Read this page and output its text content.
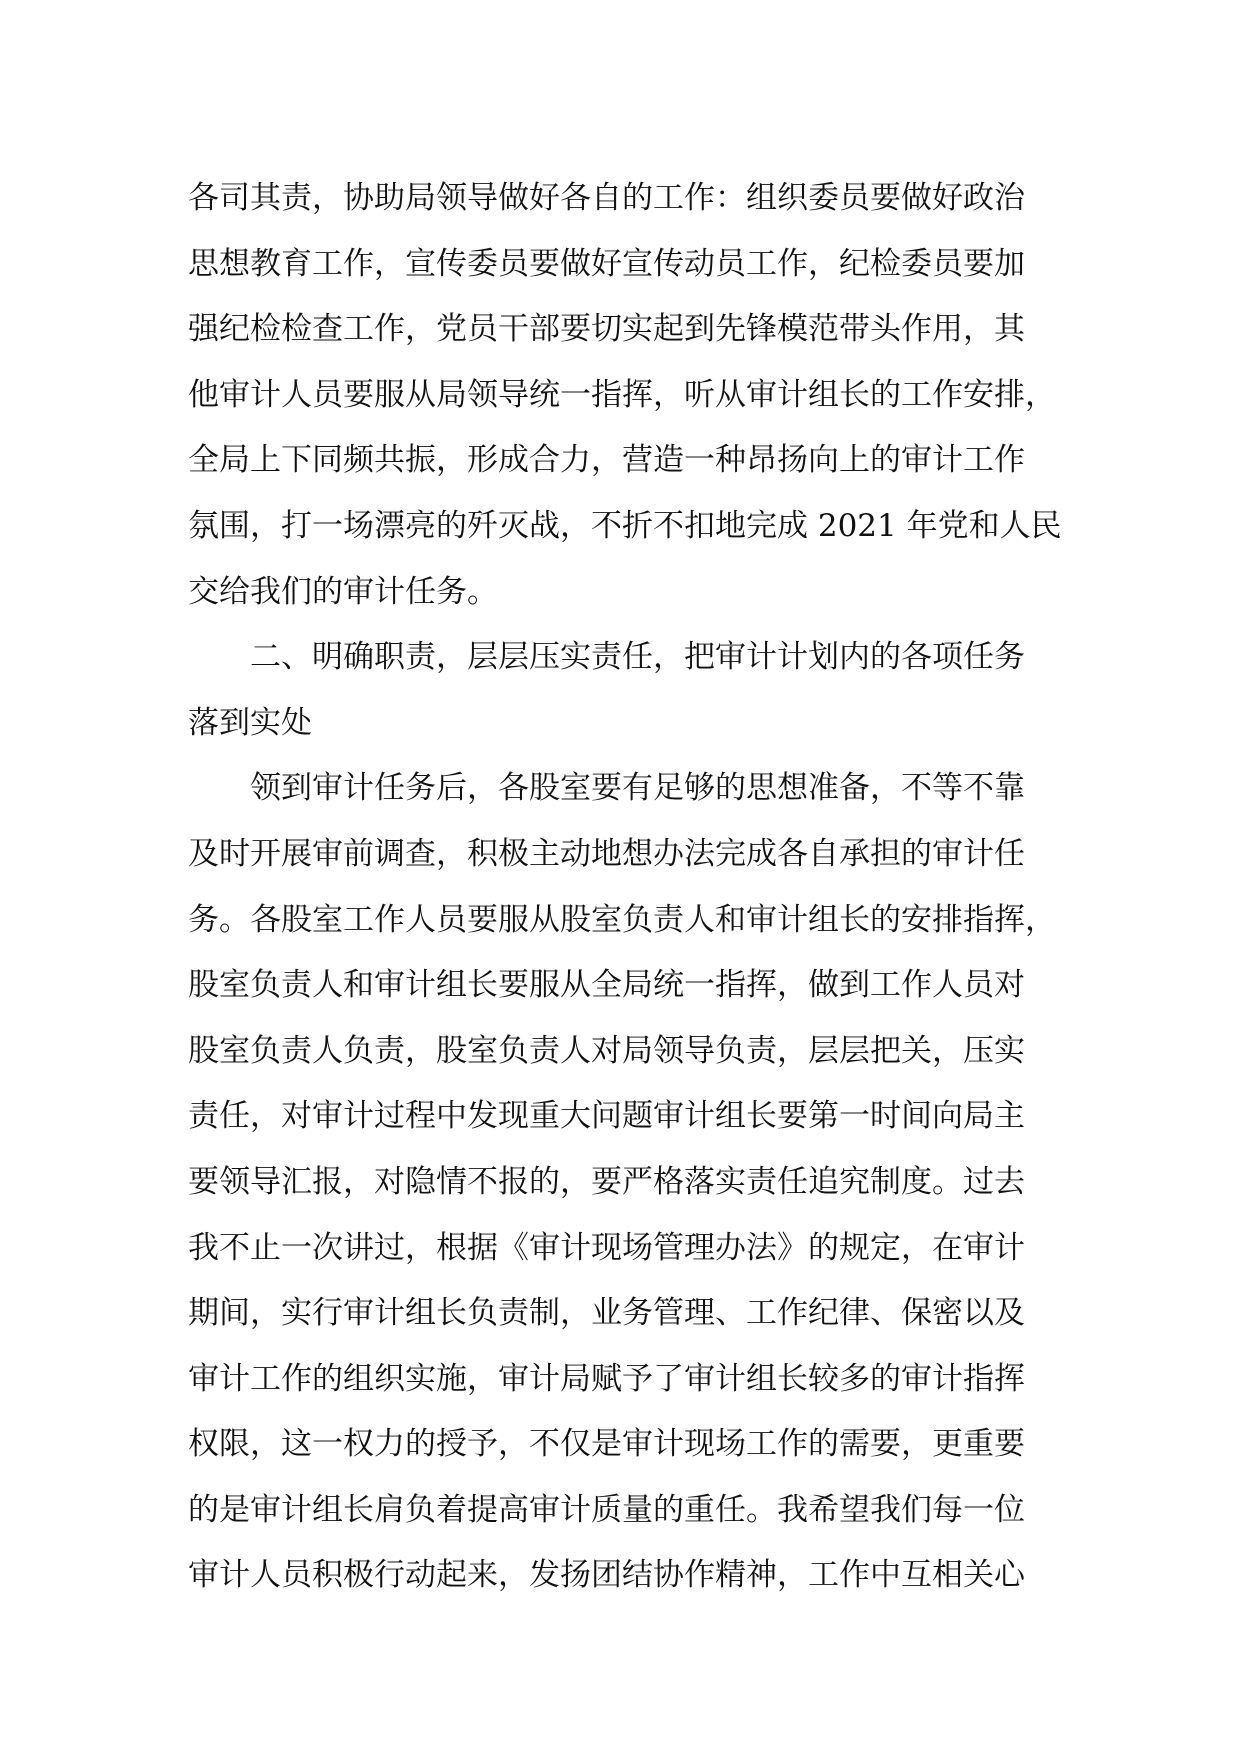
各司其责，协助局领导做好各自的工作：组织委员要做好政治
思想教育工作，宣传委员要做好宣传动员工作，纪检委员要加
强纪检检查工作，党员干部要切实起到先锋模范带头作用，其
他审计人员要服从局领导统一指挥，听从审计组长的工作安排，
全局上下同频共振，形成合力，营造一种昂扬向上的审计工作
氛围，打一场漂亮的歼灭战，不折不扣地完成 2021 年党和人民
交给我们的审计任务。
二、明确职责，层层压实责任，把审计计划内的各项任务
落到实处
领到审计任务后，各股室要有足够的思想准备，不等不靠
及时开展审前调查，积极主动地想办法完成各自承担的审计任
务。各股室工作人员要服从股室负责人和审计组长的安排指挥，
股室负责人和审计组长要服从全局统一指挥，做到工作人员对
股室负责人负责，股室负责人对局领导负责，层层把关，压实
责任，对审计过程中发现重大问题审计组长要第一时间向局主
要领导汇报，对隐情不报的，要严格落实责任追究制度。过去
我不止一次讲过，根据《审计现场管理办法》的规定，在审计
期间，实行审计组长负责制，业务管理、工作纪律、保密以及
审计工作的组织实施，审计局赋予了审计组长较多的审计指挥
权限，这一权力的授予，不仅是审计现场工作的需要，更重要
的是审计组长肩负着提高审计质量的重任。我希望我们每一位
审计人员积极行动起来，发扬团结协作精神，工作中互相关心
